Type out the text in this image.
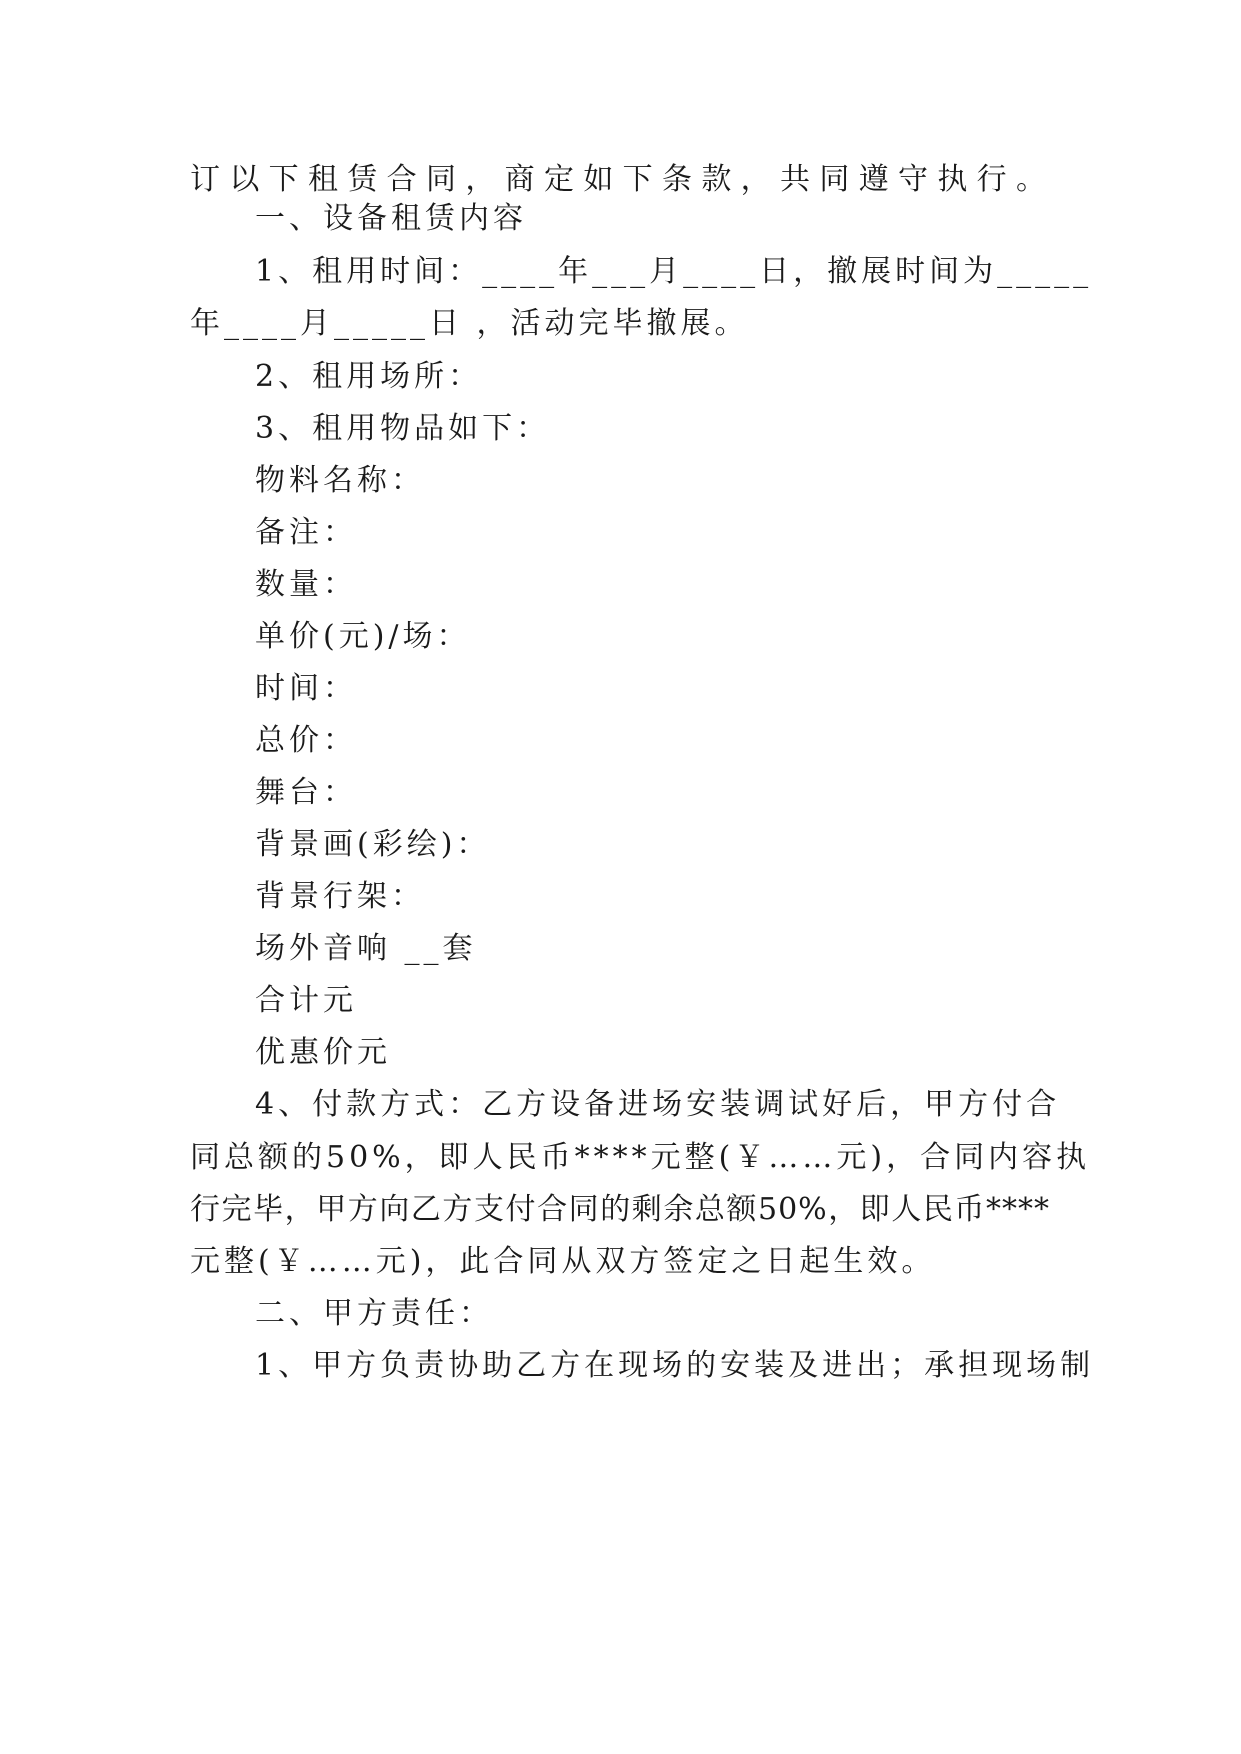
订以下租赁合同，商定如下条款，共同遵守执行。
一、设备租赁内容
1、租用时间：____年___月____日，撤展时间为_____
年____月_____日 ，活动完毕撤展。
2、租用场所：
3、租用物品如下：
物料名称：
备注：
数量：
单价(元)/场：
时间：
总价：
舞台：
背景画(彩绘)：
背景行架：
场外音响 __套
合计元
优惠价元
4、付款方式：乙方设备进场安装调试好后，甲方付合
同总额的50%，即人民币****元整(￥……元)，合同内容执
行完毕，甲方向乙方支付合同的剩余总额50%，即人民币****
元整(￥……元)，此合同从双方签定之日起生效。
二、甲方责任：
1、甲方负责协助乙方在现场的安装及进出；承担现场制
